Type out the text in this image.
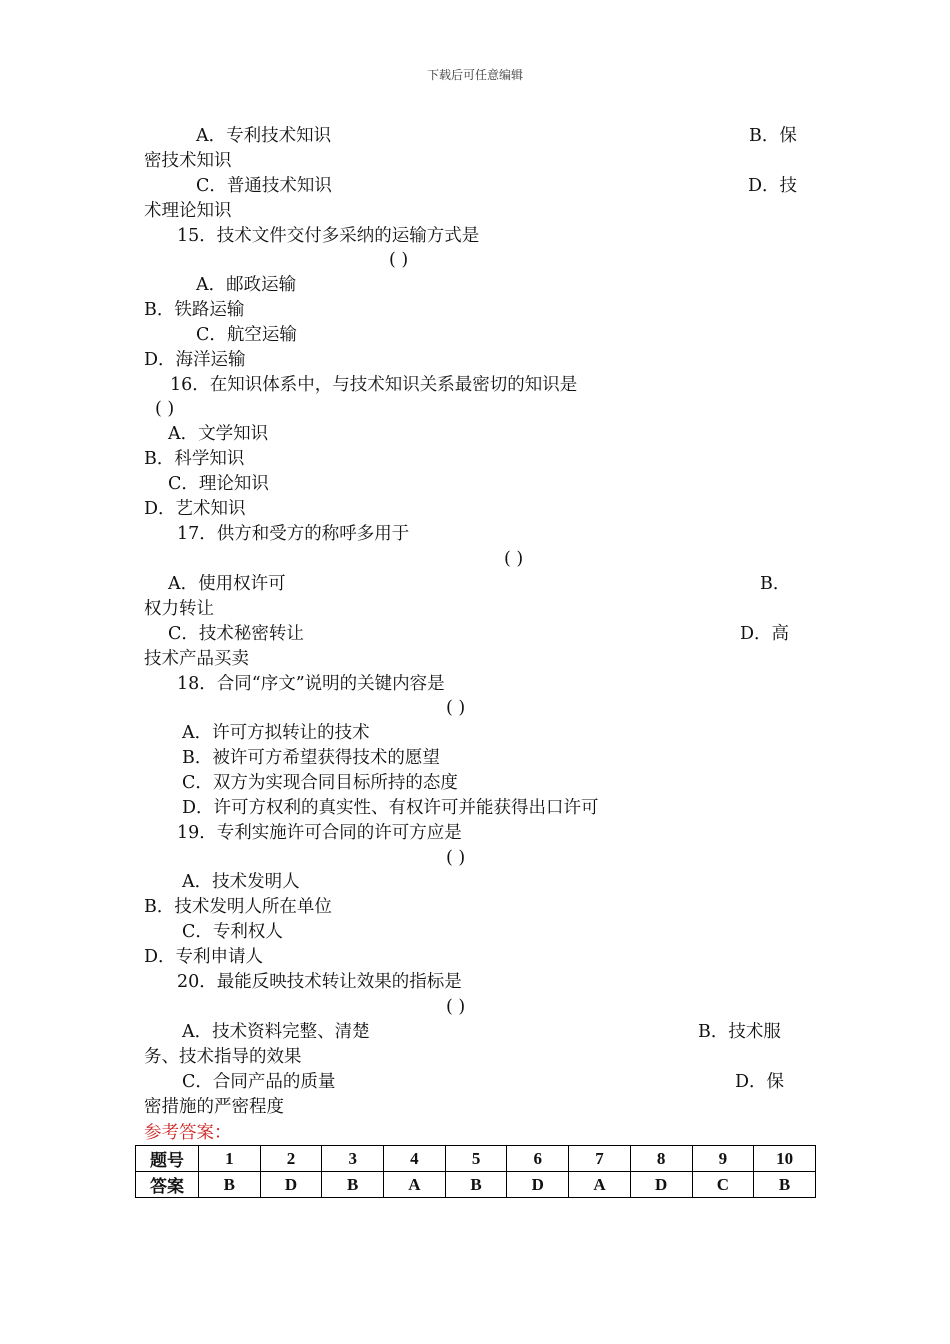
下载后可任意编辑
A．专利技术知识	B．保
密技术知识
C．普通技术知识	D．技
术理论知识
15．技术文件交付多采纳的运输方式是
( )
A．邮政运输
B．铁路运输
C．航空运输
D．海洋运输
16．在知识体系中，与技术知识关系最密切的知识是
( )
A．文学知识
B．科学知识
C．理论知识
D．艺术知识
17．供方和受方的称呼多用于
( )
A．使用权许可	B．
权力转让
C．技术秘密转让	D．高
技术产品买卖
18．合同“序文”说明的关键内容是
( )
A．许可方拟转让的技术
B．被许可方希望获得技术的愿望
C．双方为实现合同目标所持的态度
D．许可方权利的真实性、有权许可并能获得出口许可
19．专利实施许可合同的许可方应是
( )
A．技术发明人
B．技术发明人所在单位
C．专利权人
D．专利申请人
20．最能反映技术转让效果的指标是
( )
A．技术资料完整、清楚	B．技术服
务、技术指导的效果
C．合同产品的质量	D．保
密措施的严密程度
参考答案：
题号	1	2	3	4	5	6	7	8	9	10
答案	B	D	B	A	B	D	A	D	C	B
